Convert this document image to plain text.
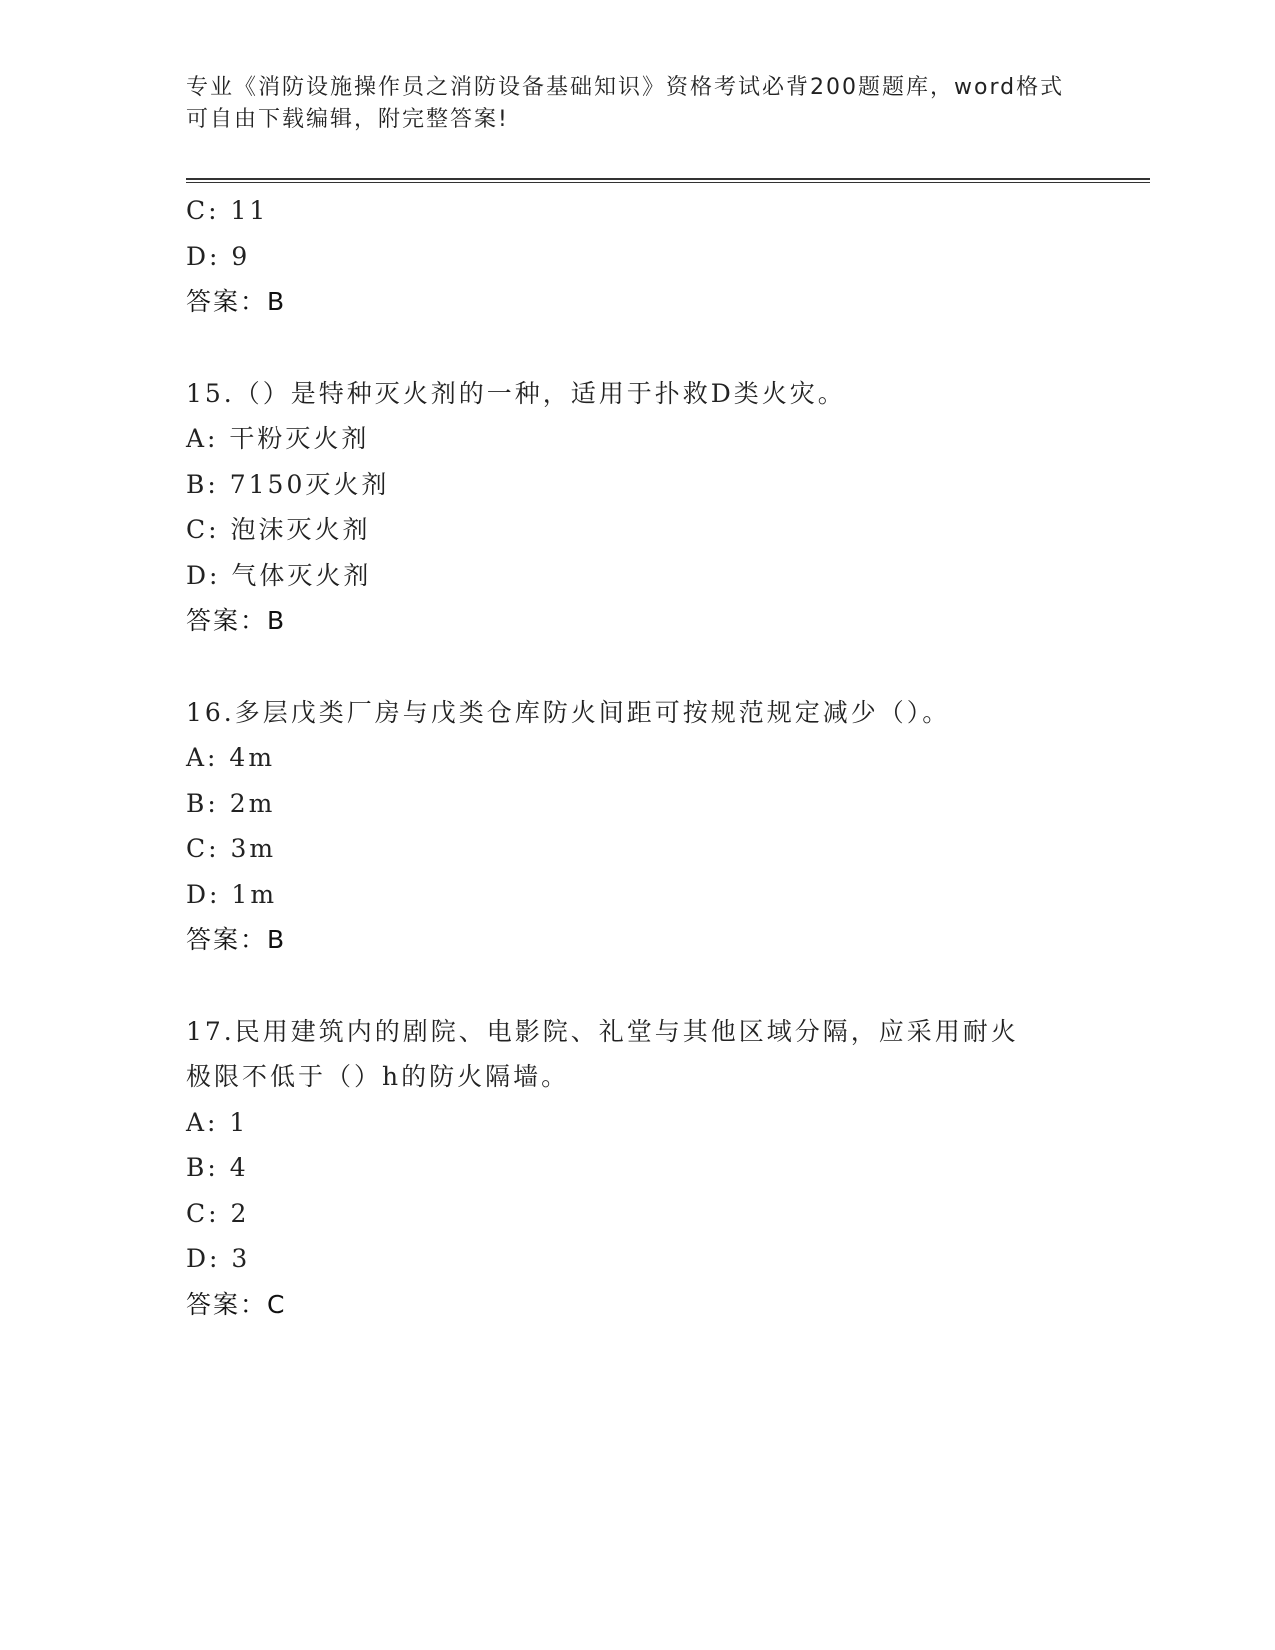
专业《消防设施操作员之消防设备基础知识》资格考试必背200题题库，word格式可自由下载编辑，附完整答案!
C: 11
D: 9
答案：B
15.（）是特种灭火剂的一种，适用于扑救D类火灾。
A: 干粉灭火剂
B: 7150灭火剂
C: 泡沫灭火剂
D: 气体灭火剂
答案：B
16.多层戊类厂房与戊类仓库防火间距可按规范规定减少（）。
A: 4m
B: 2m
C: 3m
D: 1m
答案：B
17.民用建筑内的剧院、电影院、礼堂与其他区域分隔，应采用耐火极限不低于（）h的防火隔墙。
A: 1
B: 4
C: 2
D: 3
答案：C
